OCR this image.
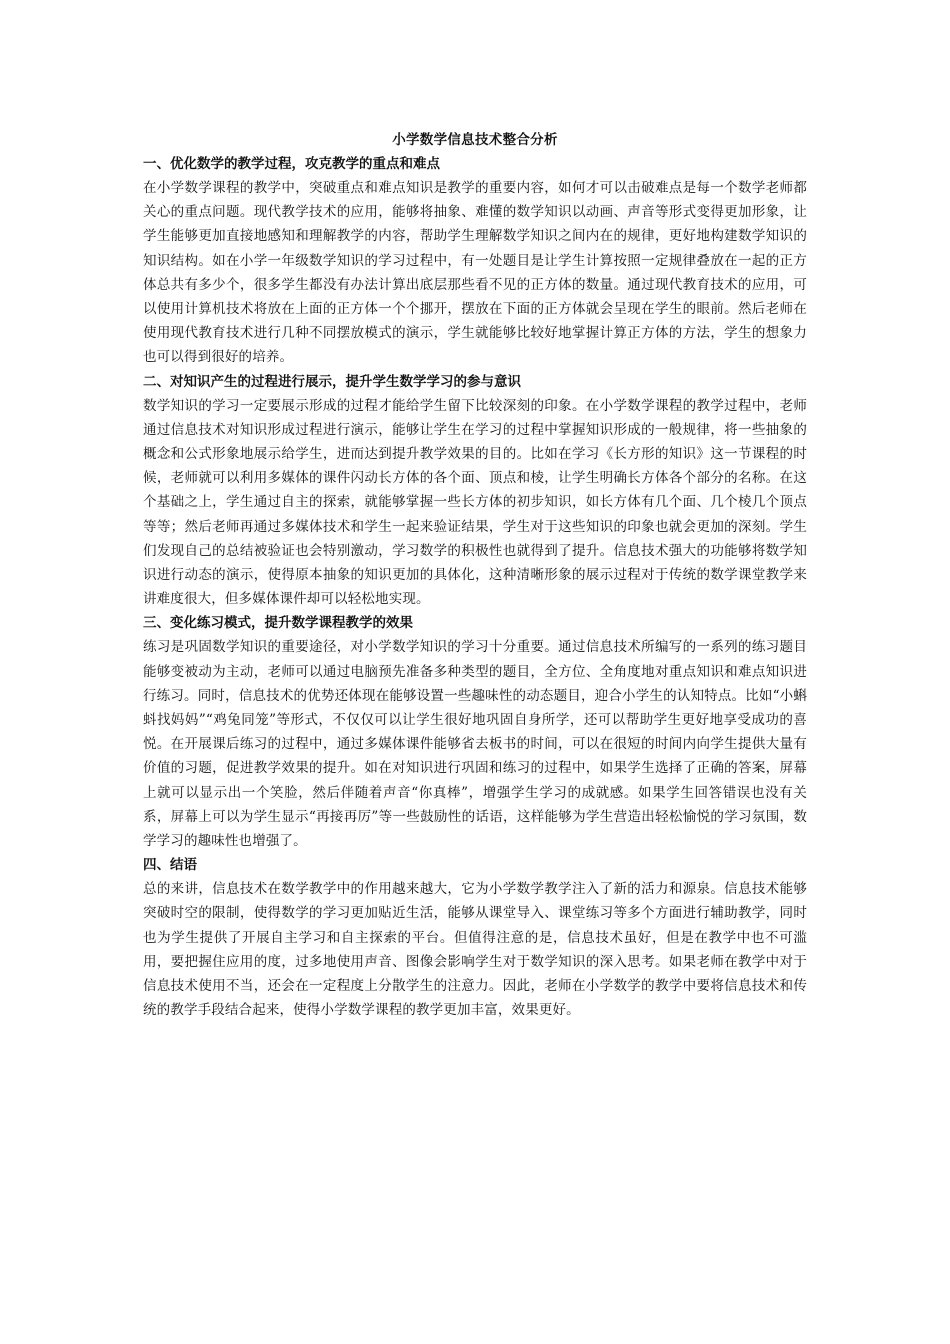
小学数学信息技术整合分析
一、优化数学的教学过程，攻克教学的重点和难点

在小学数学课程的教学中，突破重点和难点知识是教学的重要内容，如何才可以击破难点是每一个数学老师都关心的重点问题。现代教学技术的应用，能够将抽象、难懂的数学知识以动画、声音等形式变得更加形象，让学生能够更加直接地感知和理解教学的内容，帮助学生理解数学知识之间内在的规律，更好地构建数学知识的知识结构。如在小学一年级数学知识的学习过程中，有一处题目是让学生计算按照一定规律叠放在一起的正方体总共有多少个，很多学生都没有办法计算出底层那些看不见的正方体的数量。通过现代教育技术的应用，可以使用计算机技术将放在上面的正方体一个个挪开，摆放在下面的正方体就会呈现在学生的眼前。然后老师在使用现代教育技术进行几种不同摆放模式的演示，学生就能够比较好地掌握计算正方体的方法，学生的想象力也可以得到很好的培养。

二、对知识产生的过程进行展示，提升学生数学学习的参与意识

数学知识的学习一定要展示形成的过程才能给学生留下比较深刻的印象。在小学数学课程的教学过程中，老师通过信息技术对知识形成过程进行演示，能够让学生在学习的过程中掌握知识形成的一般规律，将一些抽象的概念和公式形象地展示给学生，进而达到提升教学效果的目的。比如在学习《长方形的知识》这一节课程的时候，老师就可以利用多媒体的课件闪动长方体的各个面、顶点和棱，让学生明确长方体各个部分的名称。在这个基础之上，学生通过自主的探索，就能够掌握一些长方体的初步知识，如长方体有几个面、几个棱几个顶点等等；然后老师再通过多媒体技术和学生一起来验证结果，学生对于这些知识的印象也就会更加的深刻。学生们发现自己的总结被验证也会特别激动，学习数学的积极性也就得到了提升。信息技术强大的功能够将数学知识进行动态的演示，使得原本抽象的知识更加的具体化，这种清晰形象的展示过程对于传统的数学课堂教学来讲难度很大，但多媒体课件却可以轻松地实现。

三、变化练习模式，提升数学课程教学的效果

练习是巩固数学知识的重要途径，对小学数学知识的学习十分重要。通过信息技术所编写的一系列的练习题目能够变被动为主动，老师可以通过电脑预先准备多种类型的题目，全方位、全角度地对重点知识和难点知识进行练习。同时，信息技术的优势还体现在能够设置一些趣味性的动态题目，迎合小学生的认知特点。比如“小蝌蚪找妈妈”“鸡兔同笼”等形式，不仅仅可以让学生很好地巩固自身所学，还可以帮助学生更好地享受成功的喜悦。在开展课后练习的过程中，通过多媒体课件能够省去板书的时间，可以在很短的时间内向学生提供大量有价值的习题，促进教学效果的提升。如在对知识进行巩固和练习的过程中，如果学生选择了正确的答案，屏幕上就可以显示出一个笑脸，然后伴随着声音“你真棒”，增强学生学习的成就感。如果学生回答错误也没有关系，屏幕上可以为学生显示“再接再厉”等一些鼓励性的话语，这样能够为学生营造出轻松愉悦的学习氛围，数学学习的趣味性也增强了。

四、结语

总的来讲，信息技术在数学教学中的作用越来越大，它为小学数学教学注入了新的活力和源泉。信息技术能够突破时空的限制，使得数学的学习更加贴近生活，能够从课堂导入、课堂练习等多个方面进行辅助教学，同时也为学生提供了开展自主学习和自主探索的平台。但值得注意的是，信息技术虽好，但是在教学中也不可滥用，要把握住应用的度，过多地使用声音、图像会影响学生对于数学知识的深入思考。如果老师在教学中对于信息技术使用不当，还会在一定程度上分散学生的注意力。因此，老师在小学数学的教学中要将信息技术和传统的教学手段结合起来，使得小学数学课程的教学更加丰富，效果更好。
